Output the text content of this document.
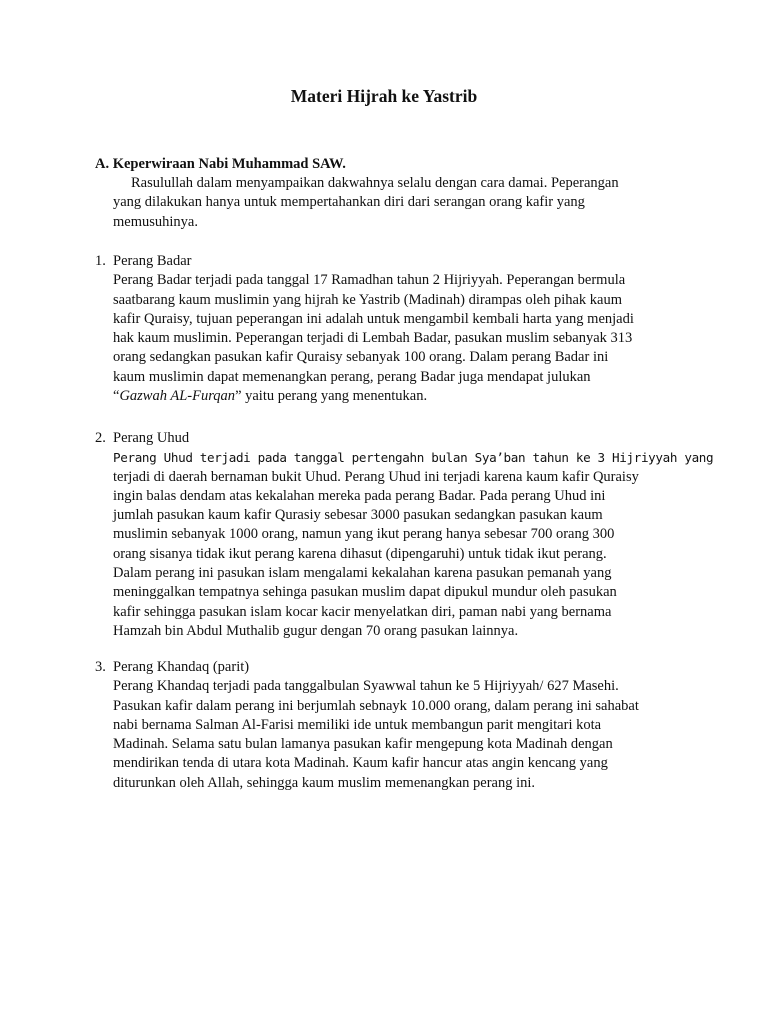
Materi Hijrah ke Yastrib
A. Keperwiraan Nabi Muhammad SAW.
Rasulullah dalam menyampaikan dakwahnya selalu dengan cara damai. Peperangan
yang dilakukan hanya untuk mempertahankan diri dari serangan orang kafir yang
memusuhinya.
1. Perang Badar
Perang Badar terjadi pada tanggal 17 Ramadhan tahun 2 Hijriyyah. Peperangan bermula
saatbarang kaum muslimin yang hijrah ke Yastrib (Madinah) dirampas oleh pihak kaum
kafir Quraisy, tujuan peperangan ini adalah untuk mengambil kembali harta yang menjadi
hak kaum muslimin. Peperangan terjadi di Lembah Badar, pasukan muslim sebanyak 313
orang sedangkan pasukan kafir Quraisy sebanyak 100 orang. Dalam perang Badar ini
kaum muslimin dapat memenangkan perang, perang Badar juga mendapat julukan
“Gazwah AL-Furqan” yaitu perang yang menentukan.
2. Perang Uhud
Perang Uhud terjadi pada tanggal pertengahn bulan Sya’ban tahun ke 3 Hijriyyah yang
terjadi di daerah bernaman bukit Uhud. Perang Uhud ini terjadi karena kaum kafir Quraisy
ingin balas dendam atas kekalahan mereka pada perang Badar. Pada perang Uhud ini
jumlah pasukan kaum kafir Qurasiy sebesar 3000 pasukan sedangkan pasukan kaum
muslimin sebanyak 1000 orang, namun yang ikut perang hanya sebesar 700 orang 300
orang sisanya tidak ikut perang karena dihasut (dipengaruhi) untuk tidak ikut perang.
Dalam perang ini pasukan islam mengalami kekalahan karena pasukan pemanah yang
meninggalkan tempatnya sehinga pasukan muslim dapat dipukul mundur oleh pasukan
kafir sehingga pasukan islam kocar kacir menyelatkan diri, paman nabi yang bernama
Hamzah bin Abdul Muthalib gugur dengan 70 orang pasukan lainnya.
3. Perang Khandaq (parit)
Perang Khandaq terjadi pada tanggalbulan Syawwal tahun ke 5 Hijriyyah/ 627 Masehi.
Pasukan kafir dalam perang ini berjumlah sebnayk 10.000 orang, dalam perang ini sahabat
nabi bernama Salman Al-Farisi memiliki ide untuk membangun parit mengitari kota
Madinah. Selama satu bulan lamanya pasukan kafir mengepung kota Madinah dengan
mendirikan tenda di utara kota Madinah. Kaum kafir hancur atas angin kencang yang
diturunkan oleh Allah, sehingga kaum muslim memenangkan perang ini.
